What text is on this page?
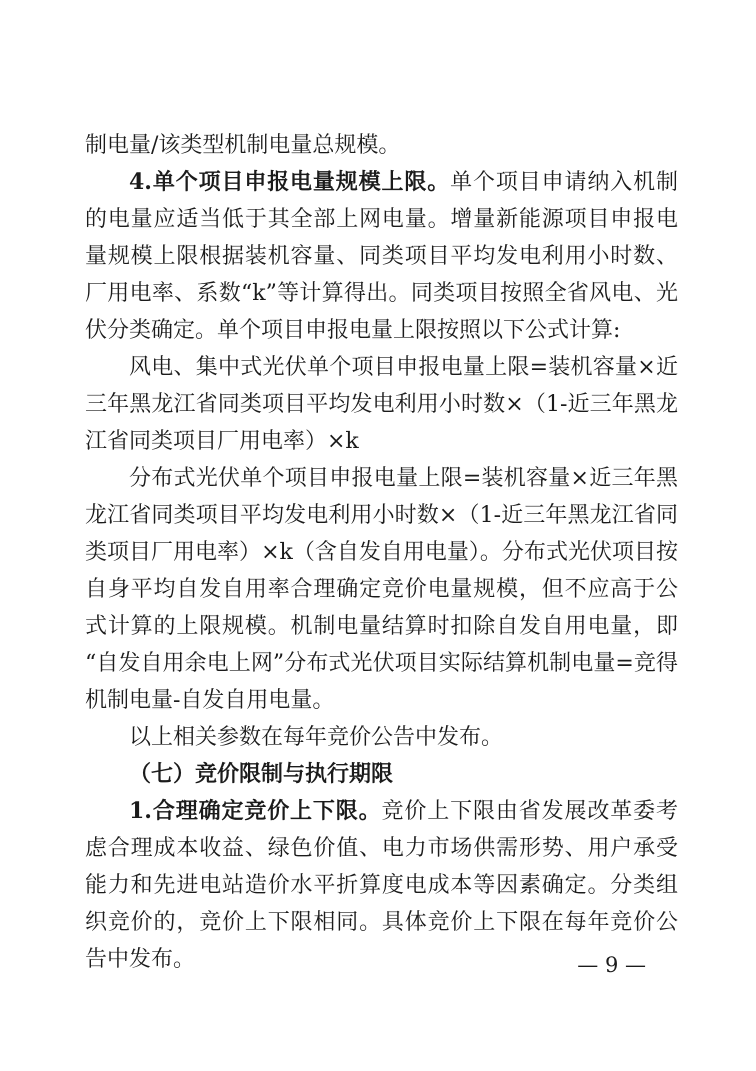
制电量/该类型机制电量总规模。

4.单个项目申报电量规模上限。单个项目申请纳入机制的电量应适当低于其全部上网电量。增量新能源项目申报电量规模上限根据装机容量、同类项目平均发电利用小时数、厂用电率、系数“k”等计算得出。同类项目按照全省风电、光伏分类确定。单个项目申报电量上限按照以下公式计算:

风电、集中式光伏单个项目申报电量上限=装机容量×近三年黑龙江省同类项目平均发电利用小时数×（1-近三年黑龙江省同类项目厂用电率）×k

分布式光伏单个项目申报电量上限=装机容量×近三年黑龙江省同类项目平均发电利用小时数×（1-近三年黑龙江省同类项目厂用电率）×k（含自发自用电量）。分布式光伏项目按自身平均自发自用率合理确定竞价电量规模，但不应高于公式计算的上限规模。机制电量结算时扣除自发自用电量，即“自发自用余电上网”分布式光伏项目实际结算机制电量=竞得机制电量-自发自用电量。

以上相关参数在每年竞价公告中发布。

（七）竞价限制与执行期限

1.合理确定竞价上下限。竞价上下限由省发展改革委考虑合理成本收益、绿色价值、电力市场供需形势、用户承受能力和先进电站造价水平折算度电成本等因素确定。分类组织竞价的，竞价上下限相同。具体竞价上下限在每年竞价公告中发布。	— 9 —
